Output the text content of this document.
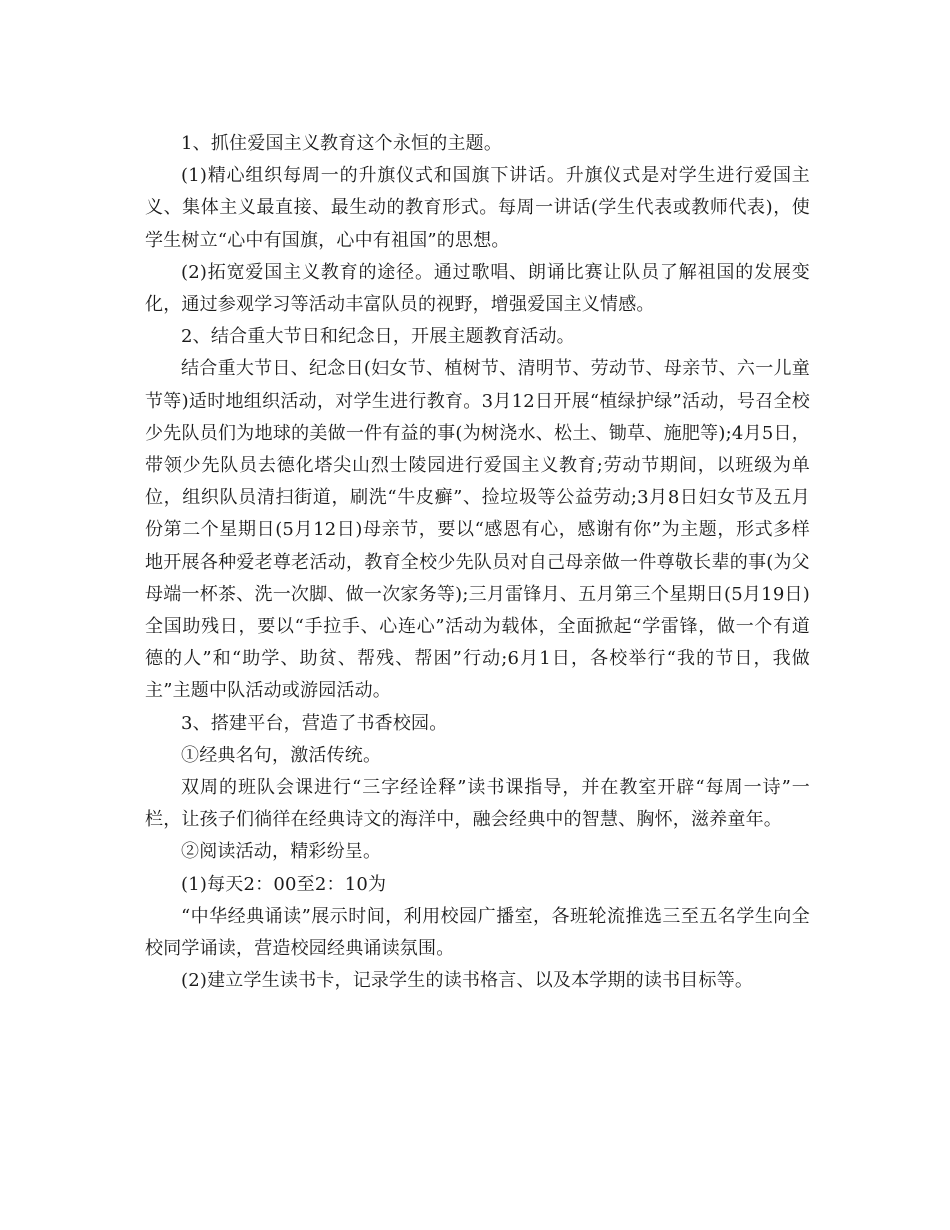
1、抓住爱国主义教育这个永恒的主题。

(1)精心组织每周一的升旗仪式和国旗下讲话。升旗仪式是对学生进行爱国主义、集体主义最直接、最生动的教育形式。每周一讲话(学生代表或教师代表)，使学生树立“心中有国旗，心中有祖国”的思想。

(2)拓宽爱国主义教育的途径。通过歌唱、朗诵比赛让队员了解祖国的发展变化，通过参观学习等活动丰富队员的视野，增强爱国主义情感。

2、结合重大节日和纪念日，开展主题教育活动。

结合重大节日、纪念日(妇女节、植树节、清明节、劳动节、母亲节、六一儿童节等)适时地组织活动，对学生进行教育。3月12日开展“植绿护绿”活动，号召全校少先队员们为地球的美做一件有益的事(为树浇水、松土、锄草、施肥等);4月5日，带领少先队员去德化塔尖山烈士陵园进行爱国主义教育;劳动节期间，以班级为单位，组织队员清扫街道，刷洗“牛皮癣”、捡垃圾等公益劳动;3月8日妇女节及五月份第二个星期日(5月12日)母亲节，要以“感恩有心，感谢有你”为主题，形式多样地开展各种爱老尊老活动，教育全校少先队员对自己母亲做一件尊敬长辈的事(为父母端一杯茶、洗一次脚、做一次家务等);三月雷锋月、五月第三个星期日(5月19日)全国助残日，要以“手拉手、心连心”活动为载体，全面掀起“学雷锋，做一个有道德的人”和“助学、助贫、帮残、帮困”行动;6月1日，各校举行“我的节日，我做主”主题中队活动或游园活动。

3、搭建平台，营造了书香校园。

①经典名句，激活传统。

双周的班队会课进行“三字经诠释”读书课指导，并在教室开辟“每周一诗”一栏，让孩子们徜徉在经典诗文的海洋中，融会经典中的智慧、胸怀，滋养童年。

②阅读活动，精彩纷呈。

(1)每天2：00至2：10为

“中华经典诵读”展示时间，利用校园广播室，各班轮流推选三至五名学生向全校同学诵读，营造校园经典诵读氛围。

(2)建立学生读书卡，记录学生的读书格言、以及本学期的读书目标等。
